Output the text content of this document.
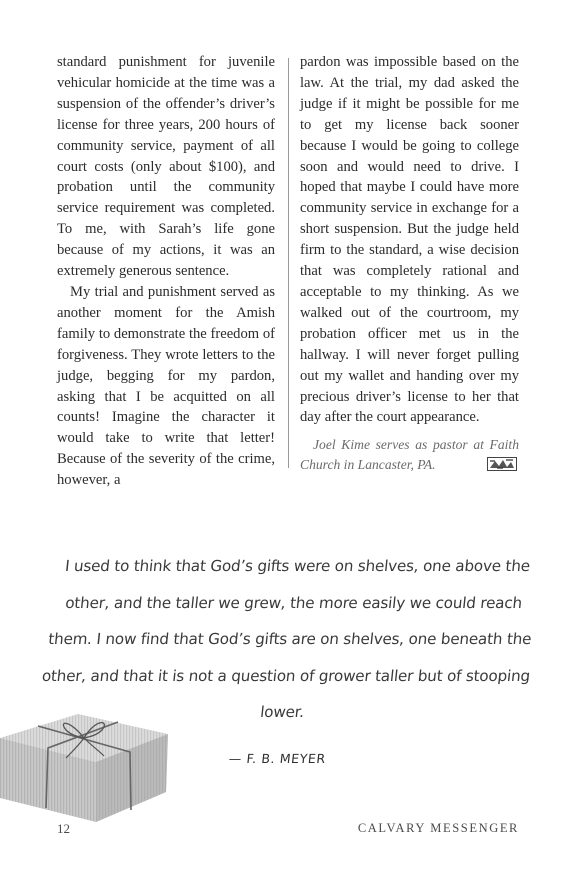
standard punishment for juvenile vehicular homicide at the time was a suspension of the offender’s driver’s license for three years, 200 hours of community service, payment of all court costs (only about $100), and probation until the community service requirement was completed. To me, with Sarah’s life gone because of my actions, it was an extremely generous sentence.

My trial and punishment served as another moment for the Amish family to demonstrate the freedom of forgiveness. They wrote letters to the judge, begging for my pardon, asking that I be acquitted on all counts! Imagine the character it would take to write that letter! Because of the severity of the crime, however, a

pardon was impossible based on the law. At the trial, my dad asked the judge if it might be possible for me to get my license back sooner because I would be going to college soon and would need to drive. I hoped that maybe I could have more community service in exchange for a short suspension. But the judge held firm to the standard, a wise decision that was completely rational and acceptable to my thinking. As we walked out of the courtroom, my probation officer met us in the hallway. I will never forget pulling out my wallet and handing over my precious driver’s license to her that day after the court appearance.

Joel Kime serves as pastor at Faith Church in Lancaster, PA.

I used to think that God’s gifts were on shelves, one above the other, and the taller we grew, the more easily we could reach them. I now find that God’s gifts are on shelves, one beneath the other, and that it is not a question of grower taller but of stooping lower.

— F. B. MEYER
12	CALVARY MESSENGER
